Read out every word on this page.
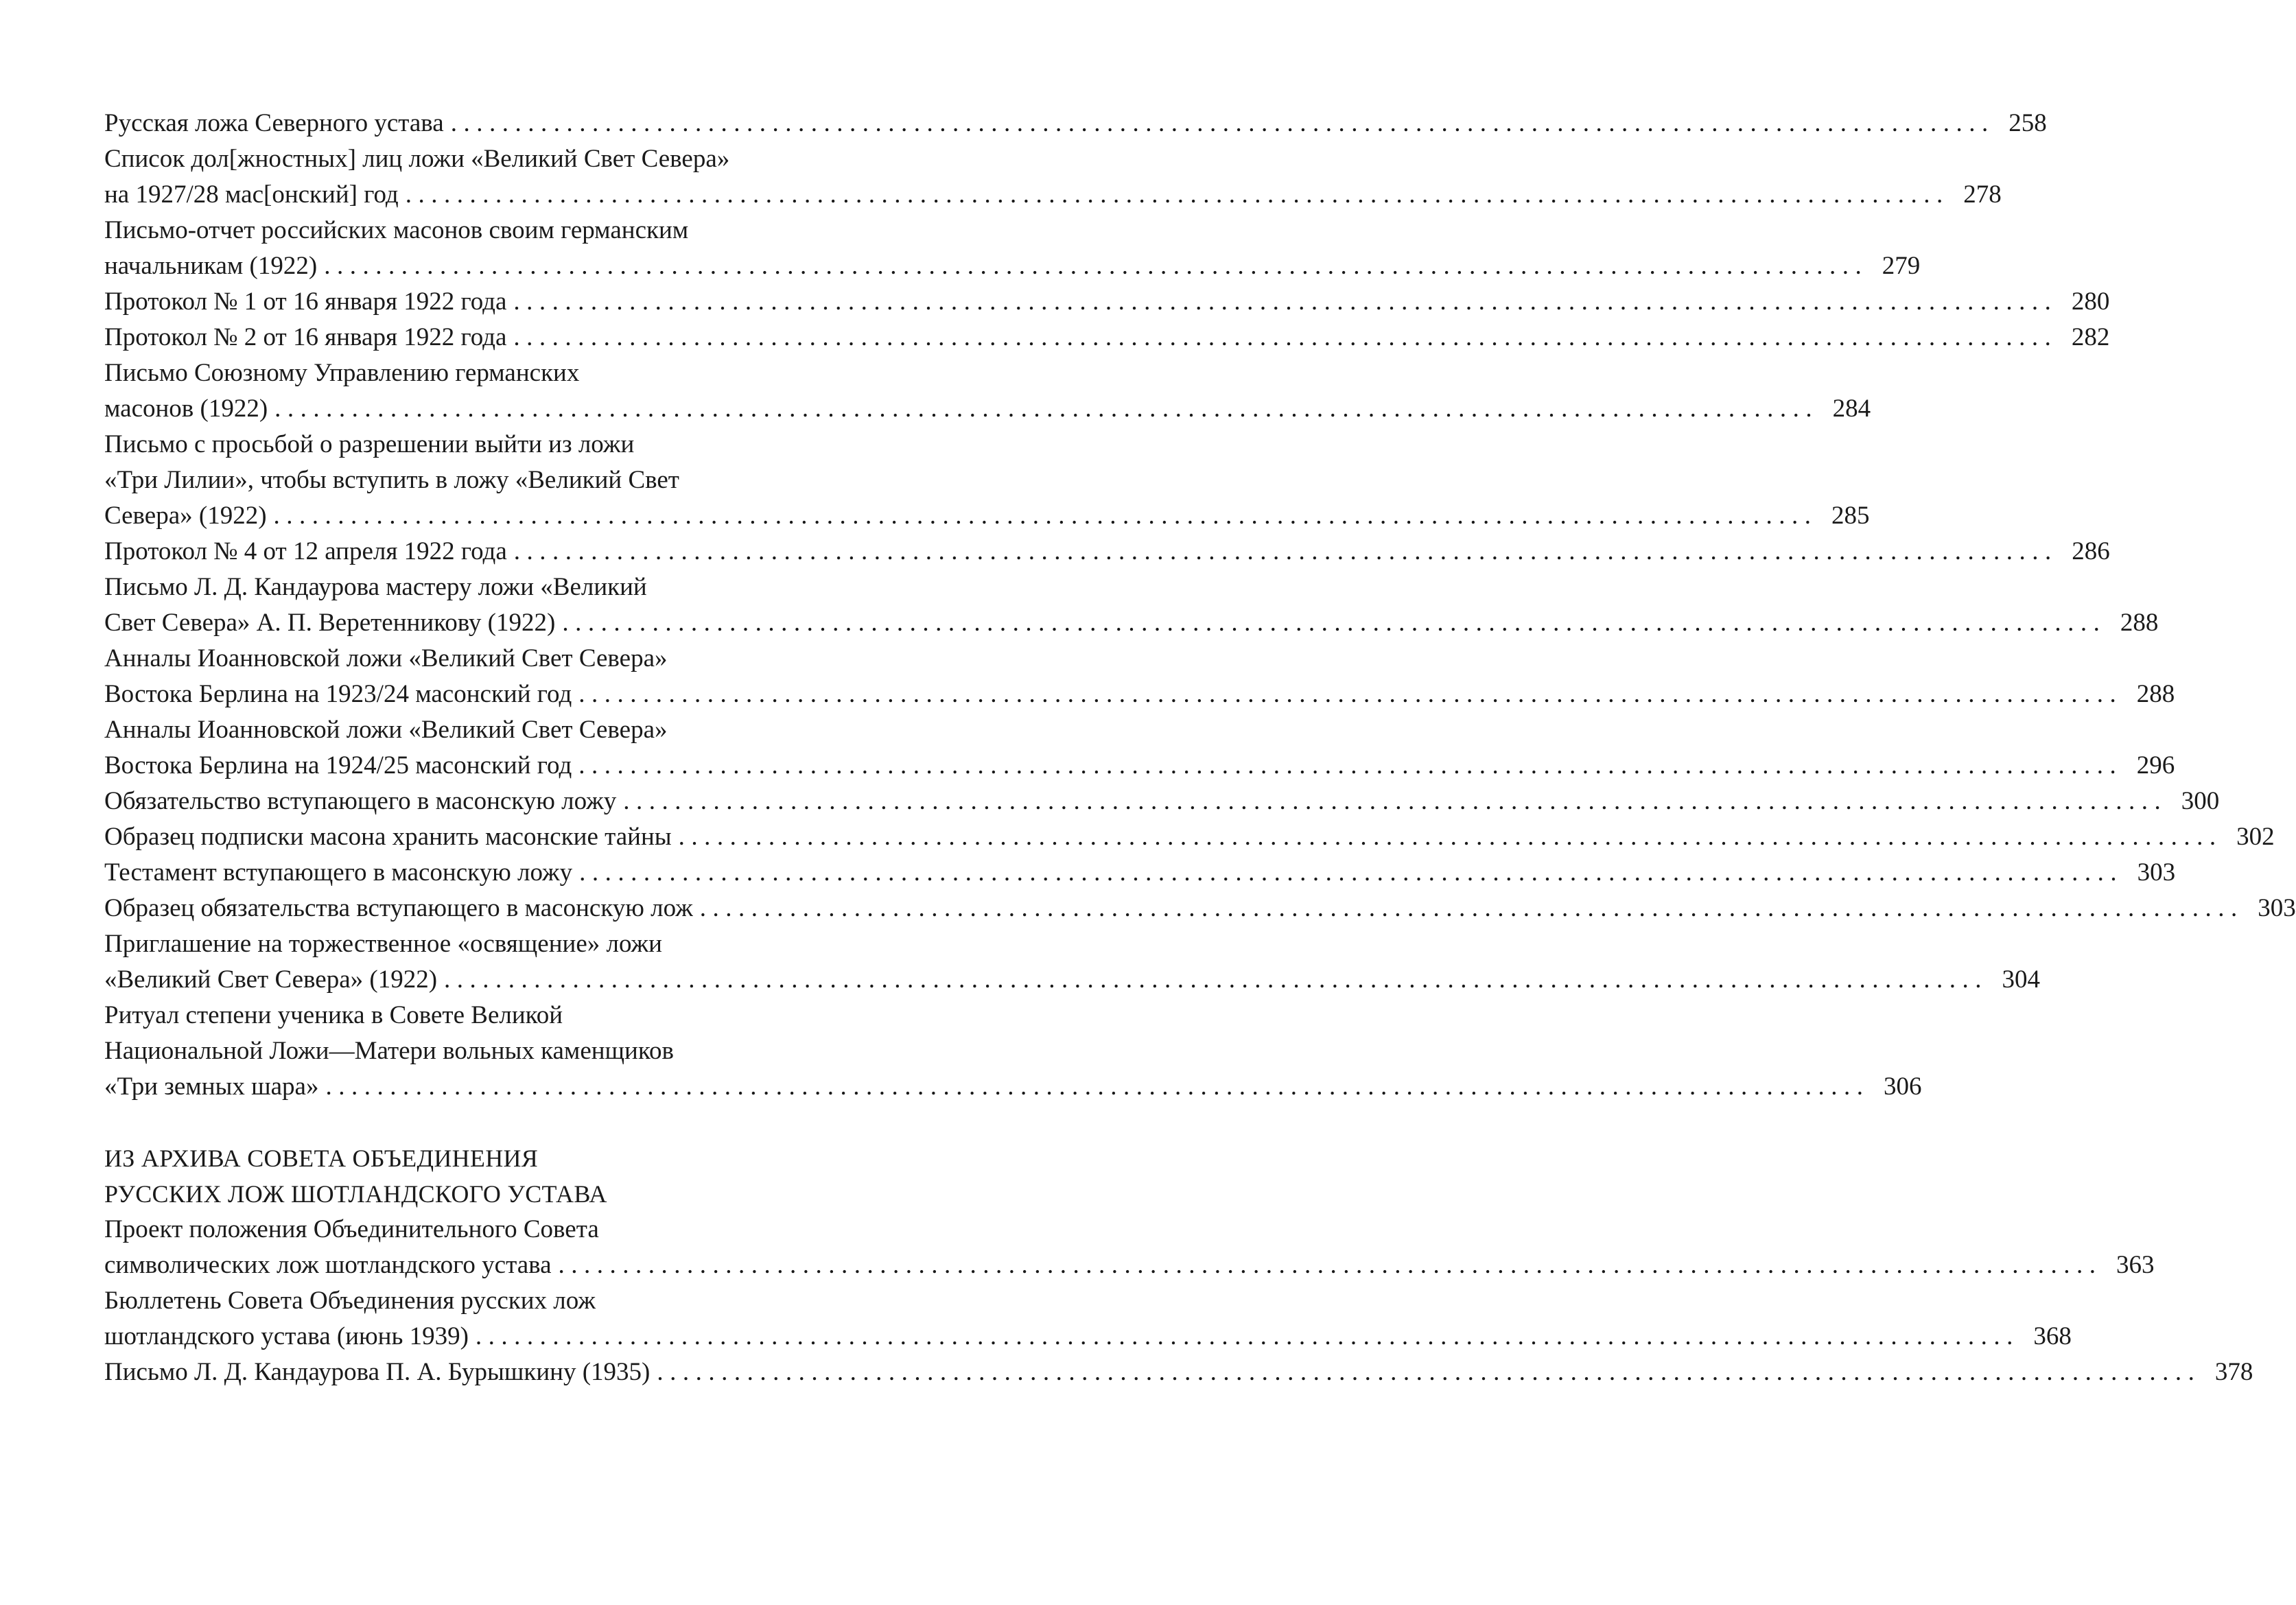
Русская ложа Северного устава ........................................................................................................................ 258
Список дол[жностных] лиц ложи «Великий Свет Севера»
на 1927/28 мас[онский] год ........................................................................................................................ 278
Письмо-отчет российских масонов своим германским
начальникам (1922) ........................................................................................................................ 279
Протокол № 1 от 16 января 1922 года ........................................................................................................................ 280
Протокол № 2 от 16 января 1922 года ........................................................................................................................ 282
Письмо Союзному Управлению германских
масонов (1922) ........................................................................................................................ 284
Письмо с просьбой о разрешении выйти из ложи
«Три Лилии», чтобы вступить в ложу «Великий Свет
Севера» (1922) ........................................................................................................................ 285
Протокол № 4 от 12 апреля 1922 года ........................................................................................................................ 286
Письмо Л. Д. Кандаурова мастеру ложи «Великий
Свет Севера» А. П. Веретенникову (1922) ........................................................................................................................ 288
Анналы Иоанновской ложи «Великий Свет Севера»
Востока Берлина на 1923/24 масонский год ........................................................................................................................ 288
Анналы Иоанновской ложи «Великий Свет Севера»
Востока Берлина на 1924/25 масонский год ........................................................................................................................ 296
Обязательство вступающего в масонскую ложу ........................................................................................................................ 300
Образец подписки масона хранить масонские тайны ........................................................................................................................ 302
Тестамент вступающего в масонскую ложу ........................................................................................................................ 303
Образец обязательства вступающего в масонскую лож ........................................................................................................................ 303
Приглашение на торжественное «освящение» ложи
«Великий Свет Севера» (1922) ........................................................................................................................ 304
Ритуал степени ученика в Совете Великой
Национальной Ложи—Матери вольных каменщиков
«Три земных шара» ........................................................................................................................ 306
ИЗ АРХИВА СОВЕТА ОБЪЕДИНЕНИЯ
РУССКИХ ЛОЖ ШОТЛАНДСКОГО УСТАВА
Проект положения Объединительного Совета
символических лож шотландского устава ........................................................................................................................ 363
Бюллетень Совета Объединения русских лож
шотландского устава (июнь 1939) ........................................................................................................................ 368
Письмо Л. Д. Кандаурова П. А. Бурышкину (1935) ........................................................................................................................ 378
